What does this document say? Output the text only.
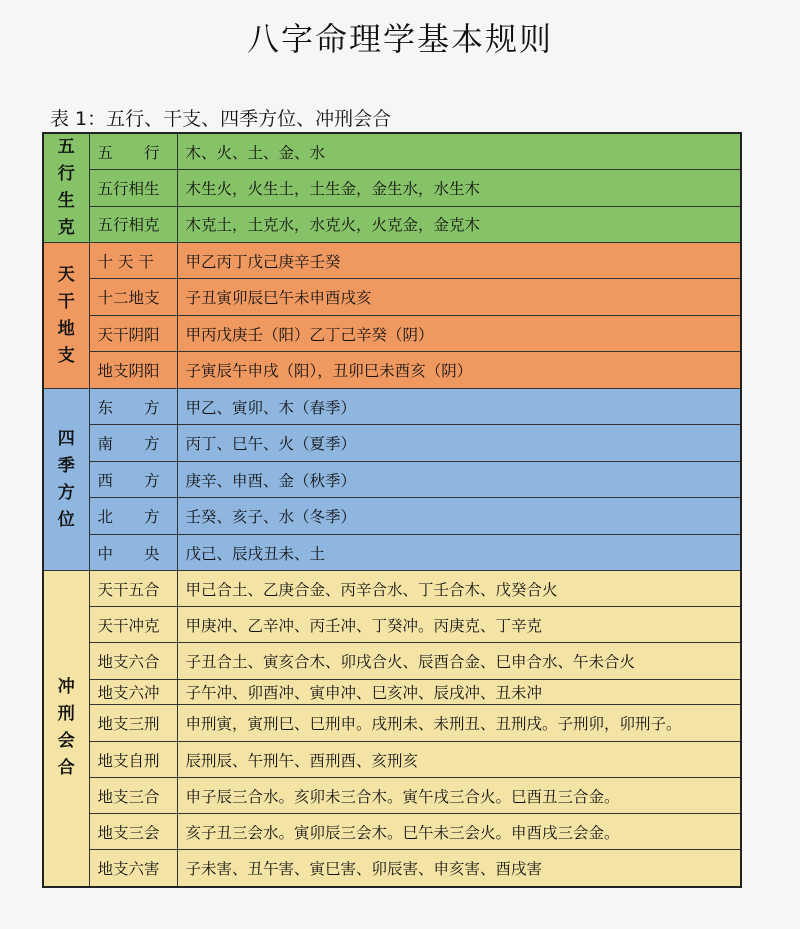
八字命理学基本规则
表 1：五行、干支、四季方位、冲刑会合
五
行
生
克	五　　行	木、火、土、金、水
	五行相生	木生火，火生土，土生金，金生水，水生木
	五行相克	木克土，土克水，水克火，火克金，金克木

天
干
地
支	十 天 干	甲乙丙丁戊己庚辛壬癸
	十二地支	子丑寅卯辰巳午未申酉戌亥
	天干阴阳	甲丙戊庚壬（阳）乙丁己辛癸（阴）
	地支阴阳	子寅辰午申戌（阳），丑卯巳未酉亥（阴）

四
季
方
位	东　　方	甲乙、寅卯、木（春季）
	南　　方	丙丁、巳午、火（夏季）
	西　　方	庚辛、申酉、金（秋季）
	北　　方	壬癸、亥子、水（冬季）
	中　　央	戊己、辰戌丑未、土

冲
刑
会
合	天干五合	甲己合土、乙庚合金、丙辛合水、丁壬合木、戊癸合火
	天干冲克	甲庚冲、乙辛冲、丙壬冲、丁癸冲。丙庚克、丁辛克
	地支六合	子丑合土、寅亥合木、卯戌合火、辰酉合金、巳申合水、午未合火
	地支六冲	子午冲、卯酉冲、寅申冲、巳亥冲、辰戌冲、丑未冲
	地支三刑	申刑寅，寅刑巳、巳刑申。戌刑未、未刑丑、丑刑戌。子刑卯，卯刑子。
	地支自刑	辰刑辰、午刑午、酉刑酉、亥刑亥
	地支三合	申子辰三合水。亥卯未三合木。寅午戌三合火。巳酉丑三合金。
	地支三会	亥子丑三会水。寅卯辰三会木。巳午未三会火。申酉戌三会金。
	地支六害	子未害、丑午害、寅巳害、卯辰害、申亥害、酉戌害
